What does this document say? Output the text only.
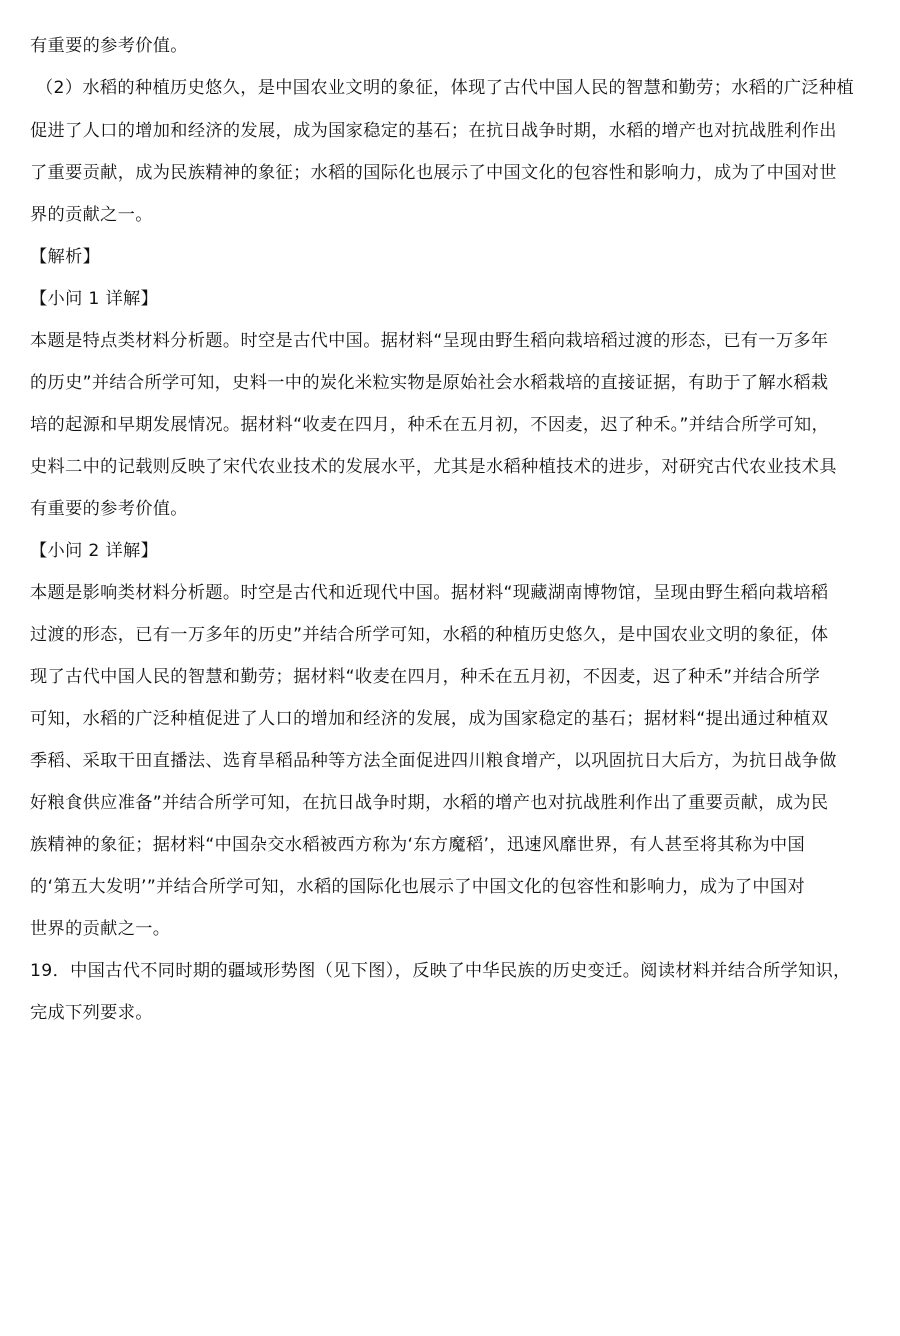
有重要的参考价值。
（2）水稻的种植历史悠久，是中国农业文明的象征，体现了古代中国人民的智慧和勤劳；水稻的广泛种植
促进了人口的增加和经济的发展，成为国家稳定的基石；在抗日战争时期，水稻的增产也对抗战胜利作出
了重要贡献，成为民族精神的象征；水稻的国际化也展示了中国文化的包容性和影响力，成为了中国对世
界的贡献之一。
【解析】
【小问 1 详解】
本题是特点类材料分析题。时空是古代中国。据材料“呈现由野生稻向栽培稻过渡的形态，已有一万多年
的历史”并结合所学可知，史料一中的炭化米粒实物是原始社会水稻栽培的直接证据，有助于了解水稻栽
培的起源和早期发展情况。据材料“收麦在四月，种禾在五月初，不因麦，迟了种禾。”并结合所学可知，
史料二中的记载则反映了宋代农业技术的发展水平，尤其是水稻种植技术的进步，对研究古代农业技术具
有重要的参考价值。
【小问 2 详解】
本题是影响类材料分析题。时空是古代和近现代中国。据材料“现藏湖南博物馆，呈现由野生稻向栽培稻
过渡的形态，已有一万多年的历史”并结合所学可知，水稻的种植历史悠久，是中国农业文明的象征，体
现了古代中国人民的智慧和勤劳；据材料“收麦在四月，种禾在五月初，不因麦，迟了种禾”并结合所学
可知，水稻的广泛种植促进了人口的增加和经济的发展，成为国家稳定的基石；据材料“提出通过种植双
季稻、采取干田直播法、选育旱稻品种等方法全面促进四川粮食增产，以巩固抗日大后方，为抗日战争做
好粮食供应准备”并结合所学可知，在抗日战争时期，水稻的增产也对抗战胜利作出了重要贡献，成为民
族精神的象征；据材料“中国杂交水稻被西方称为‘东方魔稻’，迅速风靡世界，有人甚至将其称为中国
的‘第五大发明’”并结合所学可知，水稻的国际化也展示了中国文化的包容性和影响力，成为了中国对
世界的贡献之一。
19．中国古代不同时期的疆域形势图（见下图），反映了中华民族的历史变迁。阅读材料并结合所学知识，
完成下列要求。
